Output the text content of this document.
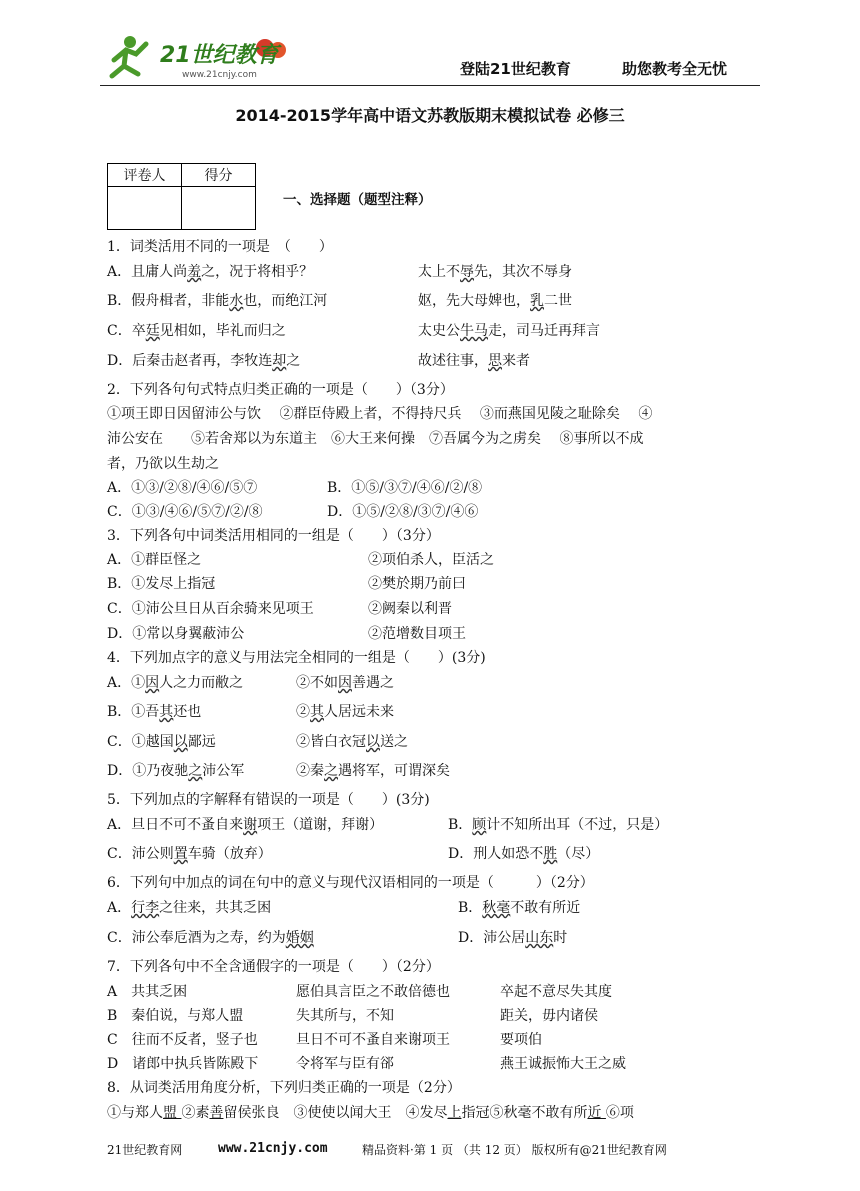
21世纪教育
www.21cnjy.com	登陆21世纪教育	助您教考全无忧
2014-2015学年高中语文苏教版期末模拟试卷 必修三
评卷人	得分

一、选择题（题型注释）
1．词类活用不同的一项是　（　　）
A．且庸人尚羞之，况于将相乎？	太上不辱先，其次不辱身
B．假舟楫者，非能水也，而绝江河	妪，先大母婢也，乳二世
C．卒廷见相如，毕礼而归之	太史公牛马走，司马迁再拜言
D．后秦击赵者再，李牧连却之	故述往事，思来者
2．下列各句句式特点归类正确的一项是（　　）（3分）
①项王即日因留沛公与饮　 ②群臣侍殿上者，不得持尺兵　 ③而燕国见陵之耻除矣　 ④
沛公安在　　⑤若舍郑以为东道主　⑥大王来何操　⑦吾属今为之虏矣　 ⑧事所以不成
者，乃欲以生劫之
A．①③/②⑧/④⑥/⑤⑦	B．①⑤/③⑦/④⑥/②/⑧
C．①③/④⑥/⑤⑦/②/⑧	D．①⑤/②⑧/③⑦/④⑥
3．下列各句中词类活用相同的一组是（　　）（3分）
A．①群臣怪之	②项伯杀人，臣活之
B．①发尽上指冠	②樊於期乃前曰
C．①沛公旦日从百余骑来见项王	②阙秦以利晋
D．①常以身翼蔽沛公	②范增数目项王
4．下列加点字的意义与用法完全相同的一组是（　　）(3分)
A．①因人之力而敝之	②不如因善遇之
B．①吾其还也	②其人居远未来
C．①越国以鄙远	②皆白衣冠以送之
D．①乃夜驰之沛公军	②秦之遇将军，可谓深矣
5．下列加点的字解释有错误的一项是（　　）(3分)
A．旦日不可不蚤自来谢项王（道谢，拜谢）	B．顾计不知所出耳（不过，只是）
C．沛公则置车骑（放弃）	D．刑人如恐不胜（尽）
6．下列句中加点的词在句中的意义与现代汉语相同的一项是（　　　）（2分）
A．行李之往来，共其乏困	B．秋毫不敢有所近
C．沛公奉卮酒为之寿，约为婚姻	D．沛公居山东时
7．下列各句中不全含通假字的一项是（　　）（2分）
A　共其乏困	愿伯具言臣之不敢倍德也	卒起不意尽失其度
B　秦伯说，与郑人盟	失其所与，不知	距关，毋内诸侯
C　往而不反者，竖子也	旦日不可不蚤自来谢项王	要项伯
D　诸郎中执兵皆陈殿下	令将军与臣有郤	燕王诚振怖大王之威
8．从词类活用角度分析，下列归类正确的一项是（2分）
①与郑人盟 ②素善留侯张良　③使使以闻大王　④发尽上指冠⑤秋毫不敢有所近 ⑥项
21世纪教育网	www.21cnjy.com	精品资料·第 1 页 （共 12 页） 版权所有@21世纪教育网
